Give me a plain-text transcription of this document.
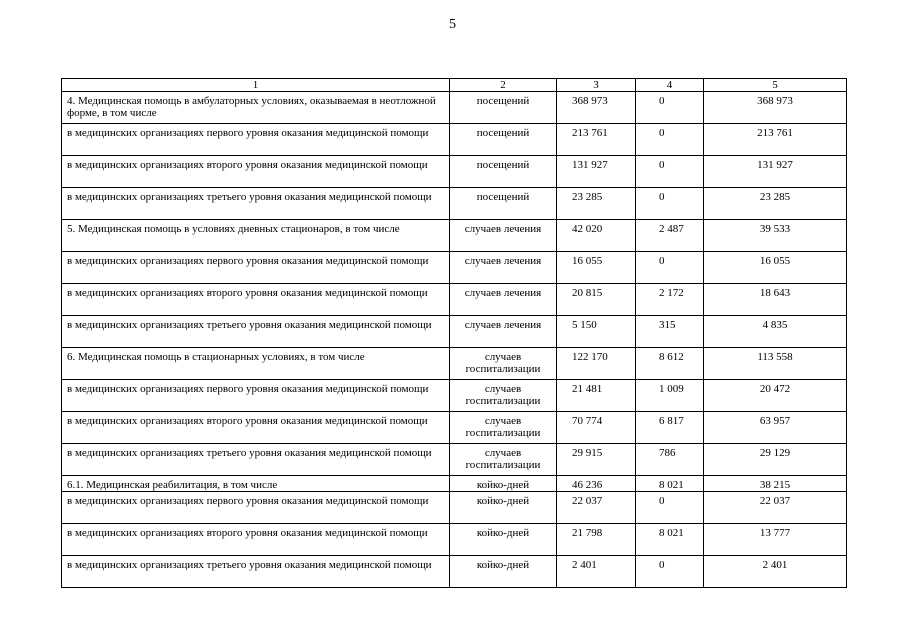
5
1	2	3	4	5
4. Медицинская помощь в амбулаторных условиях, оказываемая в неотложной форме, в том числе	посещений	368 973	0	368 973
в медицинских организациях первого уровня оказания медицинской помощи	посещений	213 761	0	213 761
в медицинских организациях второго уровня оказания медицинской помощи	посещений	131 927	0	131 927
в медицинских организациях третьего уровня оказания медицинской помощи	посещений	23 285	0	23 285
5. Медицинская помощь в условиях дневных стационаров, в том числе	случаев лечения	42 020	2 487	39 533
в медицинских организациях первого уровня оказания медицинской помощи	случаев лечения	16 055	0	16 055
в медицинских организациях второго уровня оказания медицинской помощи	случаев лечения	20 815	2 172	18 643
в медицинских организациях третьего уровня оказания медицинской помощи	случаев лечения	5 150	315	4 835
6. Медицинская помощь в стационарных условиях, в том числе	случаев госпитализации	122 170	8 612	113 558
в медицинских организациях первого уровня оказания медицинской помощи	случаев госпитализации	21 481	1 009	20 472
в медицинских организациях второго уровня оказания медицинской помощи	случаев госпитализации	70 774	6 817	63 957
в медицинских организациях третьего уровня оказания медицинской помощи	случаев госпитализации	29 915	786	29 129
6.1. Медицинская реабилитация, в том числе	койко-дней	46 236	8 021	38 215
в медицинских организациях первого уровня оказания медицинской помощи	койко-дней	22 037	0	22 037
в медицинских организациях второго уровня оказания медицинской помощи	койко-дней	21 798	8 021	13 777
в медицинских организациях третьего уровня оказания медицинской помощи	койко-дней	2 401	0	2 401
